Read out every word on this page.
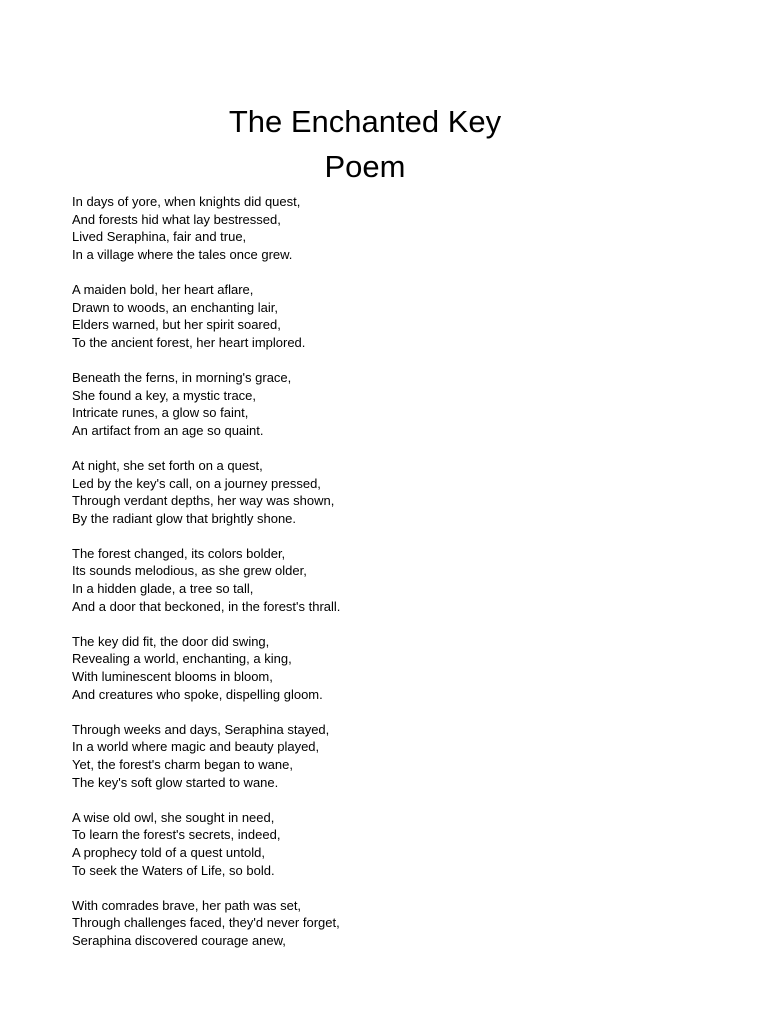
The Enchanted Key
Poem
In days of yore, when knights did quest,
And forests hid what lay bestressed,
Lived Seraphina, fair and true,
In a village where the tales once grew.
A maiden bold, her heart aflare,
Drawn to woods, an enchanting lair,
Elders warned, but her spirit soared,
To the ancient forest, her heart implored.
Beneath the ferns, in morning's grace,
She found a key, a mystic trace,
Intricate runes, a glow so faint,
An artifact from an age so quaint.
At night, she set forth on a quest,
Led by the key's call, on a journey pressed,
Through verdant depths, her way was shown,
By the radiant glow that brightly shone.
The forest changed, its colors bolder,
Its sounds melodious, as she grew older,
In a hidden glade, a tree so tall,
And a door that beckoned, in the forest's thrall.
The key did fit, the door did swing,
Revealing a world, enchanting, a king,
With luminescent blooms in bloom,
And creatures who spoke, dispelling gloom.
Through weeks and days, Seraphina stayed,
In a world where magic and beauty played,
Yet, the forest's charm began to wane,
The key's soft glow started to wane.
A wise old owl, she sought in need,
To learn the forest's secrets, indeed,
A prophecy told of a quest untold,
To seek the Waters of Life, so bold.
With comrades brave, her path was set,
Through challenges faced, they'd never forget,
Seraphina discovered courage anew,
